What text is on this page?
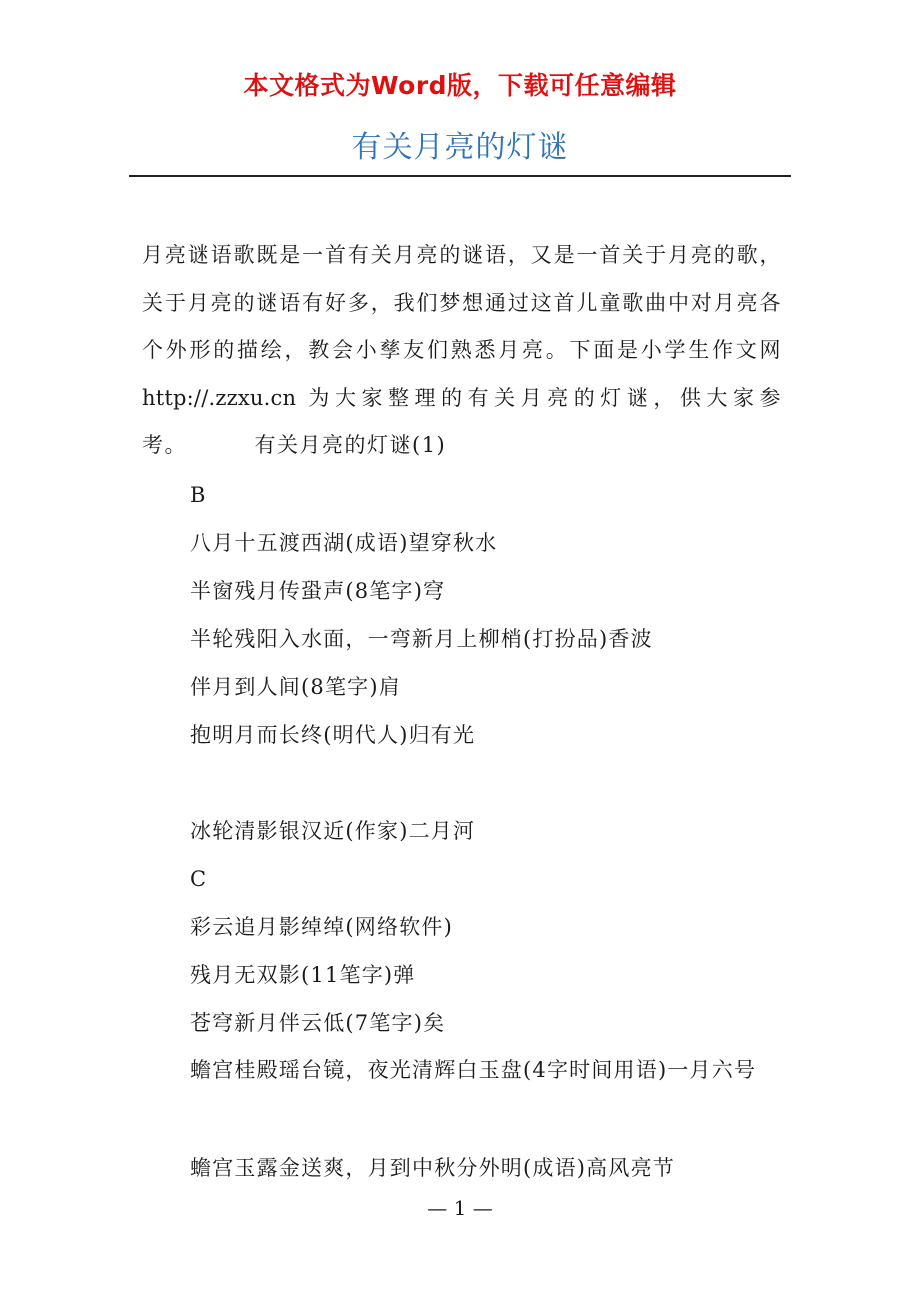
本文格式为Word版，下载可任意编辑
有关月亮的灯谜
月亮谜语歌既是一首有关月亮的谜语，又是一首关于月亮的歌，关于月亮的谜语有好多，我们梦想通过这首儿童歌曲中对月亮各个外形的描绘，教会小孳友们熟悉月亮。下面是小学生作文网 http://.zzxu.cn 为大家整理的有关月亮的灯谜，供大家参考。   	有关月亮的灯谜(1)
B
八月十五渡西湖(成语)望穿秋水
半窗残月传蛩声(8笔字)穹
半轮残阳入水面，一弯新月上柳梢(打扮品)香波
伴月到人间(8笔字)肩
抱明月而长终(明代人)归有光
冰轮清影银汉近(作家)二月河
C
彩云追月影绰绰(网络软件)
残月无双影(11笔字)弹
苍穹新月伴云低(7笔字)矣
蟾宫桂殿瑶台镜，夜光清辉白玉盘(4字时间用语)一月六号
蟾宫玉露金送爽，月到中秋分外明(成语)高风亮节
— 1 —
